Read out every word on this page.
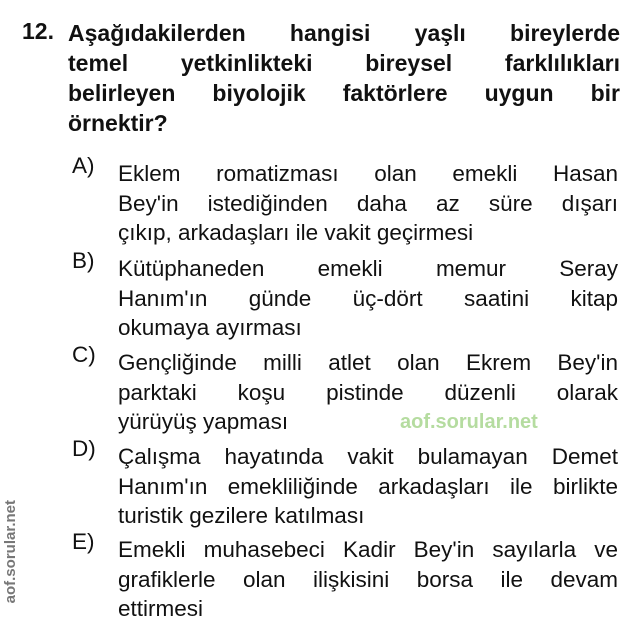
12. Aşağıdakilerden hangisi yaşlı bireylerde
temel yetkinlikteki bireysel farklılıkları
belirleyen biyolojik faktörlere uygun bir
örnektir?
A) Eklem romatizması olan emekli Hasan
Bey'in istediğinden daha az süre dışarı
çıkıp, arkadaşları ile vakit geçirmesi
B) Kütüphaneden emekli memur Seray
Hanım'ın günde üç-dört saatini kitap
okumaya ayırması
C) Gençliğinde milli atlet olan Ekrem Bey'in
parktaki koşu pistinde düzenli olarak
yürüyüş yapması
D) Çalışma hayatında vakit bulamayan Demet
Hanım'ın emekliliğinde arkadaşları ile birlikte
turistik gezilere katılması
E) Emekli muhasebeci Kadir Bey'in sayılarla ve
grafiklerle olan ilişkisini borsa ile devam
ettirmesi
aof.sorular.net
aof.sorular.net
